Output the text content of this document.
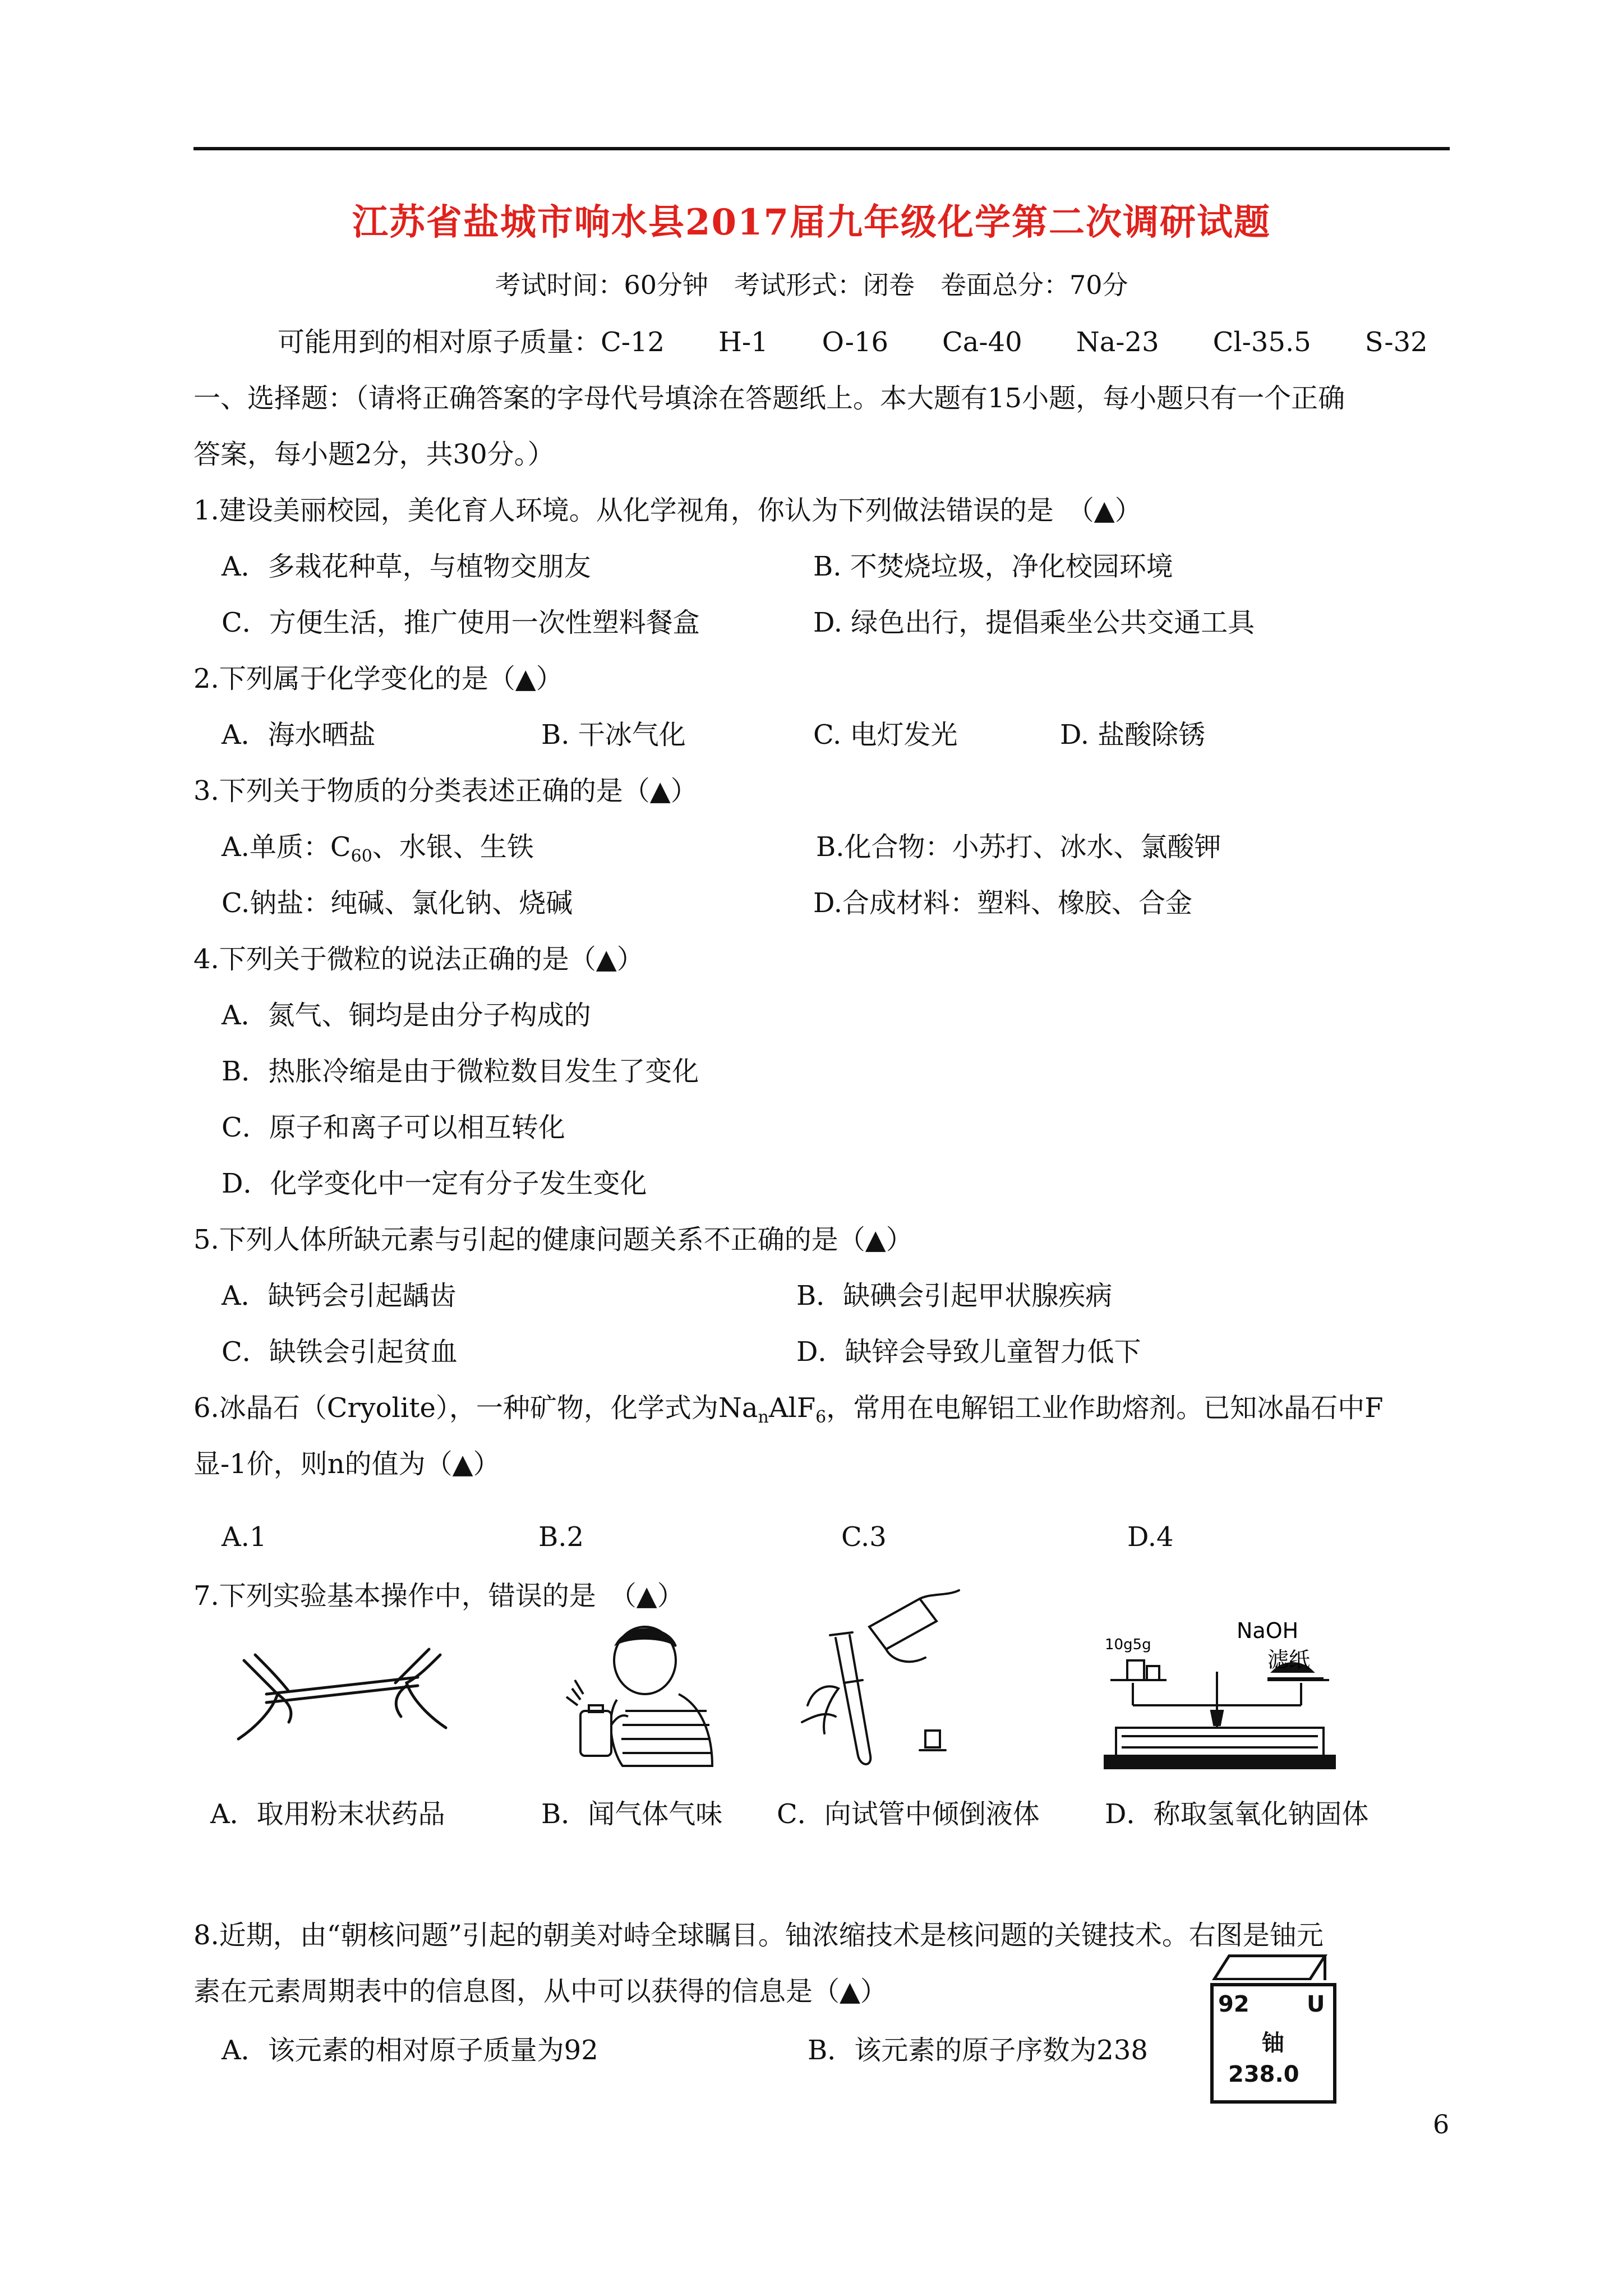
江苏省盐城市响水县2017届九年级化学第二次调研试题
考试时间：60分钟　考试形式：闭卷　卷面总分：70分
可能用到的相对原子质量：C-12　　H-1　　O-16　　Ca-40　　Na-23　　Cl-35.5　　S-32
一、选择题：（请将正确答案的字母代号填涂在答题纸上。本大题有15小题，每小题只有一个正确
答案，每小题2分，共30分。）
1.建设美丽校园，美化育人环境。从化学视角，你认为下列做法错误的是　（▲）
A．多栽花种草，与植物交朋友	B. 不焚烧垃圾，净化校园环境
C．方便生活，推广使用一次性塑料餐盒	D. 绿色出行，提倡乘坐公共交通工具
2.下列属于化学变化的是（▲）
A．海水晒盐	B. 干冰气化	C. 电灯发光	D. 盐酸除锈
3.下列关于物质的分类表述正确的是（▲）
A.单质：$C_{60}$、水银、生铁	B.化合物：小苏打、冰水、氯酸钾
C.钠盐：纯碱、氯化钠、烧碱	D.合成材料：塑料、橡胶、合金
4.下列关于微粒的说法正确的是（▲）
A．氮气、铜均是由分子构成的
B．热胀冷缩是由于微粒数目发生了变化
C．原子和离子可以相互转化
D．化学变化中一定有分子发生变化
5.下列人体所缺元素与引起的健康问题关系不正确的是（▲）
A．缺钙会引起龋齿	B．缺碘会引起甲状腺疾病
C．缺铁会引起贫血	D．缺锌会导致儿童智力低下
6.冰晶石（Cryolite），一种矿物，化学式为$Na_nAlF_6$，常用在电解铝工业作助熔剂。已知冰晶石中F
显-1价，则n的值为（▲）
A.1	B.2	C.3	D.4
7.下列实验基本操作中，错误的是　（▲）
10g5g
NaOH
滤纸
A．取用粉末状药品	B．闻气体气味 C．向试管中倾倒液体 D．称取氢氧化钠固体
8.近期，由“朝核问题”引起的朝美对峙全球瞩目。铀浓缩技术是核问题的关键技术。右图是铀元
素在元素周期表中的信息图，从中可以获得的信息是（▲）
A．该元素的相对原子质量为92	B．该元素的原子序数为238
92	U
铀
238.0
6
